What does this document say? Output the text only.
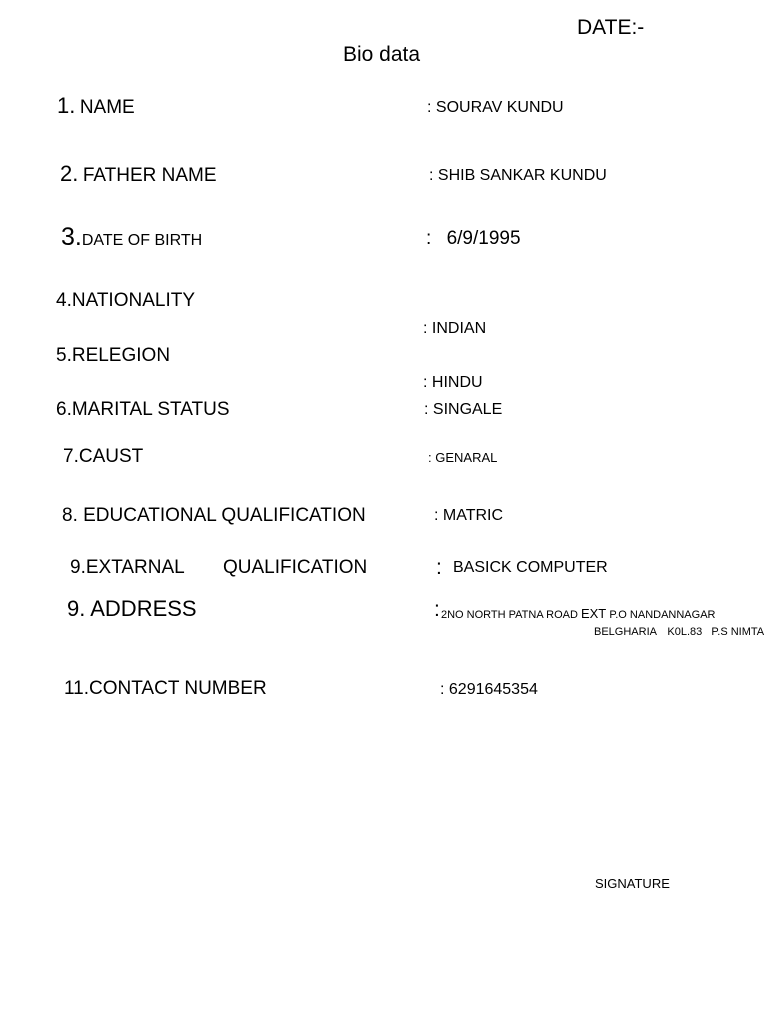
DATE:-
Bio data
1. NAME	: SOURAV KUNDU
2. FATHER NAME	: SHIB SANKAR KUNDU
3.DATE OF BIRTH	: 6/9/1995
4.NATIONALITY
: INDIAN
5.RELEGION
: HINDU
6.MARITAL STATUS	: SINGALE
7.CAUST	: GENARAL
8. EDUCATIONAL QUALIFICATION	: MATRIC
9.EXTARNAL QUALIFICATION	: BASICK COMPUTER
9. ADDRESS	: 2NO NORTH PATNA ROAD EXT P.O NANDANNAGAR
BELGHARIA K0L.83 P.S NIMTA
11.CONTACT NUMBER	: 6291645354
SIGNATURE
